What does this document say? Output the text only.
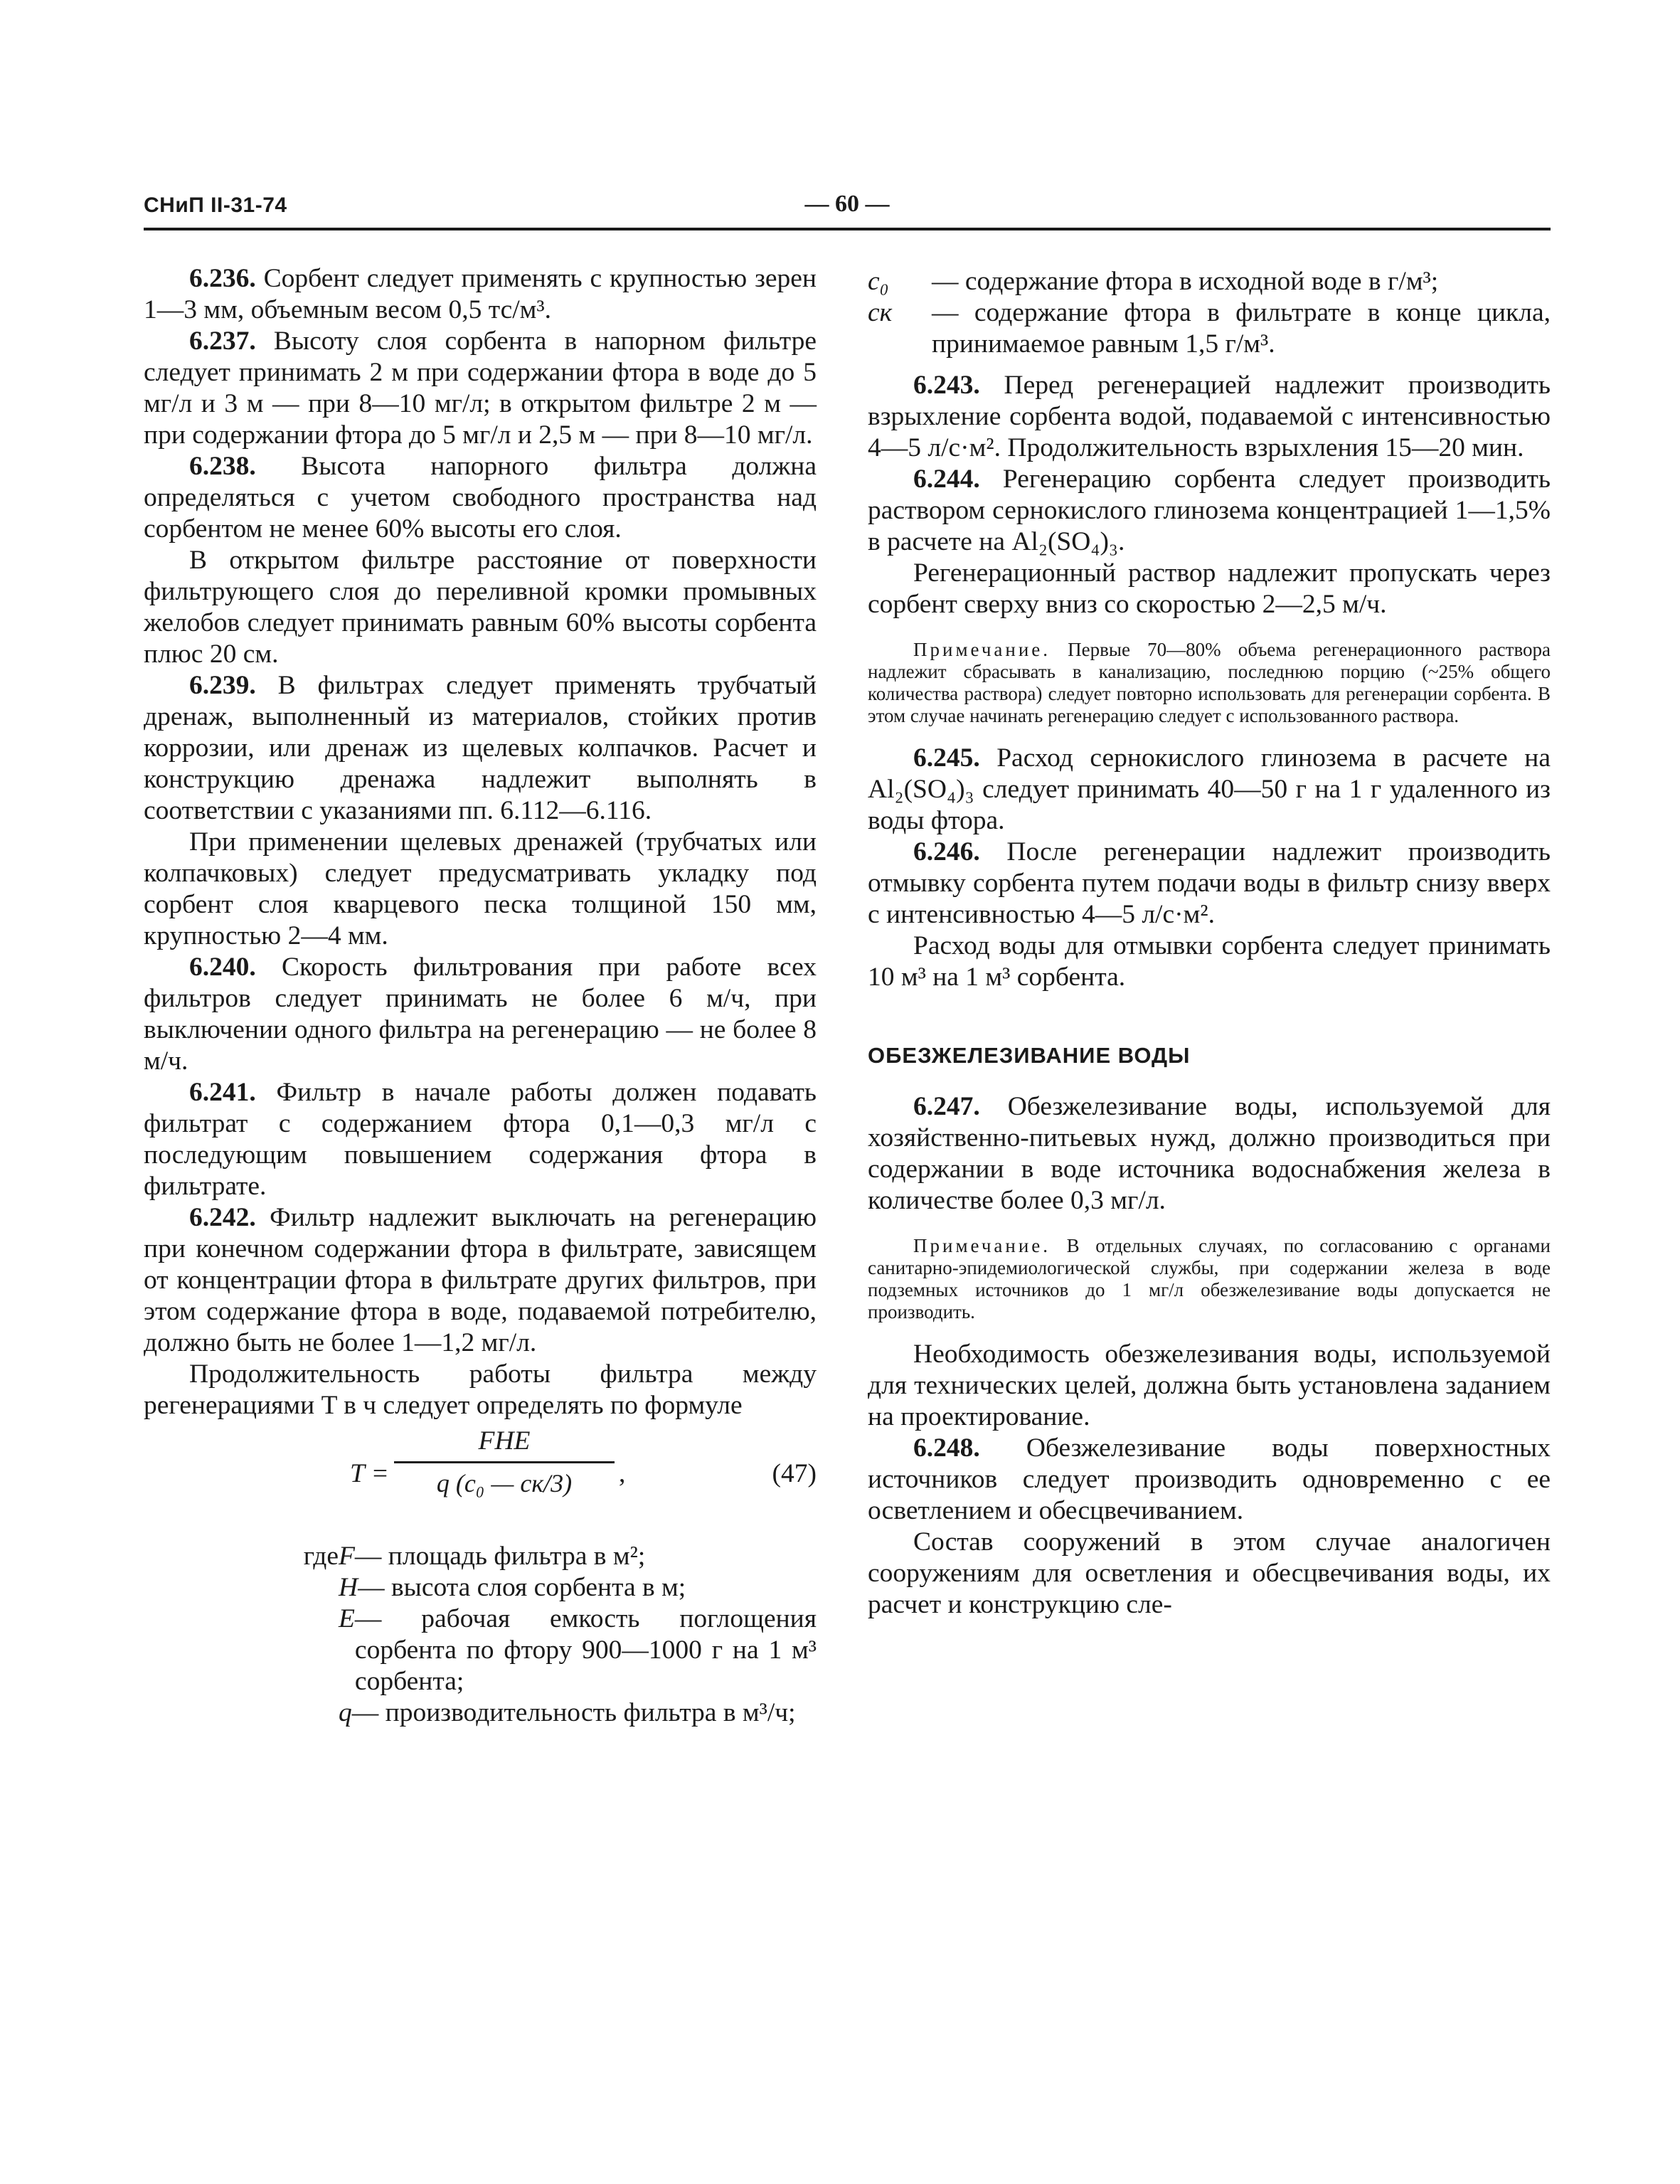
СНиП II-31-74	— 60 —

6.236. Сорбент следует применять с крупностью зерен 1—3 мм, объемным весом 0,5 тс/м³.

6.237. Высоту слоя сорбента в напорном фильтре следует принимать 2 м при содержании фтора в воде до 5 мг/л и 3 м — при 8—10 мг/л; в открытом фильтре 2 м — при содержании фтора до 5 мг/л и 2,5 м — при 8—10 мг/л.

6.238. Высота напорного фильтра должна определяться с учетом свободного пространства над сорбентом не менее 60% высоты его слоя.

В открытом фильтре расстояние от поверхности фильтрующего слоя до переливной кромки промывных желобов следует принимать равным 60% высоты сорбента плюс 20 см.

6.239. В фильтрах следует применять трубчатый дренаж, выполненный из материалов, стойких против коррозии, или дренаж из щелевых колпачков. Расчет и конструкцию дренажа надлежит выполнять в соответствии с указаниями пп. 6.112—6.116.

При применении щелевых дренажей (трубчатых или колпачковых) следует предусматривать укладку под сорбент слоя кварцевого песка толщиной 150 мм, крупностью 2—4 мм.

6.240. Скорость фильтрования при работе всех фильтров следует принимать не более 6 м/ч, при выключении одного фильтра на регенерацию — не более 8 м/ч.

6.241. Фильтр в начале работы должен подавать фильтрат с содержанием фтора 0,1—0,3 мг/л с последующим повышением содержания фтора в фильтрате.

6.242. Фильтр надлежит выключать на регенерацию при конечном содержании фтора в фильтрате, зависящем от концентрации фтора в фильтрате других фильтров, при этом содержание фтора в воде, подаваемой потребителю, должно быть не более 1—1,2 мг/л.

Продолжительность работы фильтра между регенерациями T в ч следует определять по формуле

T =
FHE
q (c₀ — cк/3)	,	(47)
где F — площадь фильтра в м²;
H — высота слоя сорбента в м;
E — рабочая емкость поглощения сорбента по фтору 900—1000 г на 1 м³ сорбента;
q — производительность фильтра в м³/ч;
c₀	— содержание фтора в исходной воде в г/м³;
cк	— содержание фтора в фильтрате в конце цикла, принимаемое равным 1,5 г/м³.

6.243. Перед регенерацией надлежит производить взрыхление сорбента водой, подаваемой с интенсивностью 4—5 л/с·м². Продолжительность взрыхления 15—20 мин.

6.244. Регенерацию сорбента следует производить раствором сернокислого глинозема концентрацией 1—1,5% в расчете на Al₂(SO₄)₃.

Регенерационный раствор надлежит пропускать через сорбент сверху вниз со скоростью 2—2,5 м/ч.

Примечание. Первые 70—80% объема регенерационного раствора надлежит сбрасывать в канализацию, последнюю порцию (~25% общего количества раствора) следует повторно использовать для регенерации сорбента. В этом случае начинать регенерацию следует с использованного раствора.

6.245. Расход сернокислого глинозема в расчете на Al₂(SO₄)₃ следует принимать 40—50 г на 1 г удаленного из воды фтора.

6.246. После регенерации надлежит производить отмывку сорбента путем подачи воды в фильтр снизу вверх с интенсивностью 4—5 л/с·м².

Расход воды для отмывки сорбента следует принимать 10 м³ на 1 м³ сорбента.

ОБЕЗЖЕЛЕЗИВАНИЕ ВОДЫ

6.247. Обезжелезивание воды, используемой для хозяйственно-питьевых нужд, должно производиться при содержании в воде источника водоснабжения железа в количестве более 0,3 мг/л.

Примечание. В отдельных случаях, по согласованию с органами санитарно-эпидемиологической службы, при содержании железа в воде подземных источников до 1 мг/л обезжелезивание воды допускается не производить.

Необходимость обезжелезивания воды, используемой для технических целей, должна быть установлена заданием на проектирование.

6.248. Обезжелезивание воды поверхностных источников следует производить одновременно с ее осветлением и обесцвечиванием.

Состав сооружений в этом случае аналогичен сооружениям для осветления и обесцвечивания воды, их расчет и конструкцию сле-
